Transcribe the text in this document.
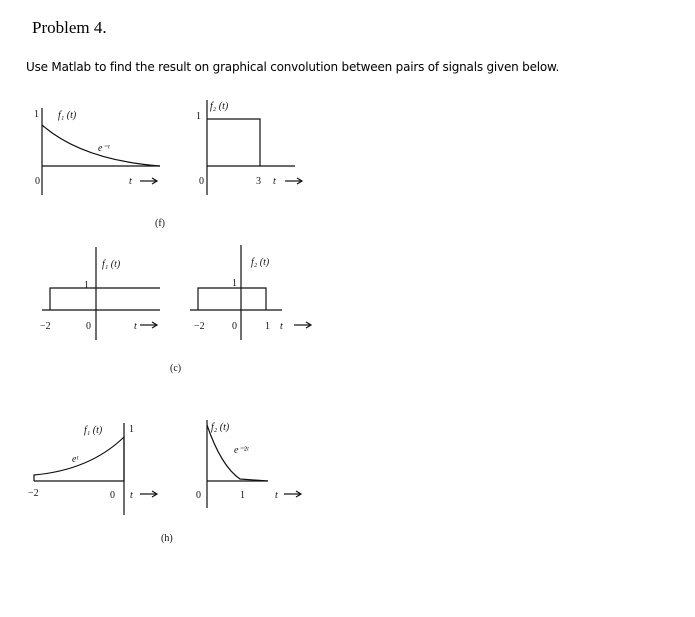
Problem 4.
Use Matlab to find the result on graphical convolution between pairs of signals given below.
1 f₁ (t)
e⁻ᵗ
0	t
1
f₂ (t)
0	3 t
(f)
f₁ (t)
1
−2	0	t
f₂ (t)
1
−2	0	1 t
(c)
f₁ (t)	1
eᵗ
−2	0 t
f₂ (t)
e⁻²ᵗ
0	1	t
(h)
